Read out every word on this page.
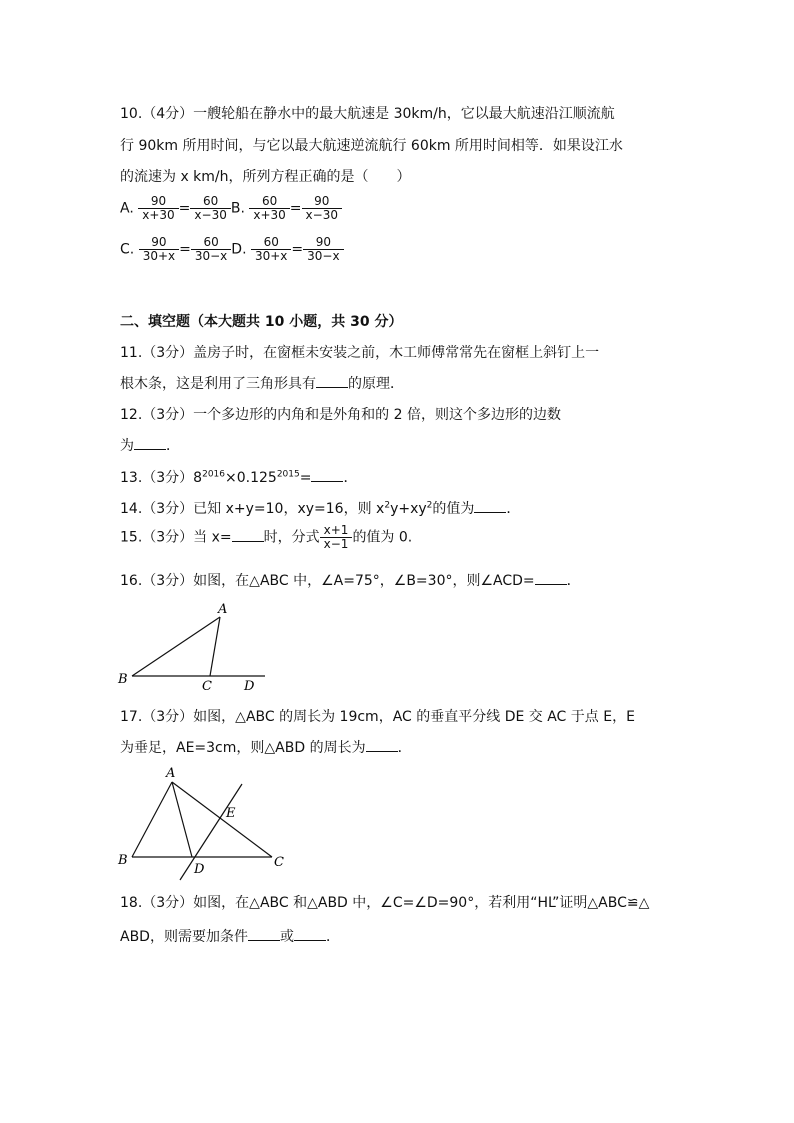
10.（4分）一艘轮船在静水中的最大航速是 30km/h，它以最大航速沿江顺流航
行 90km 所用时间，与它以最大航速逆流航行 60km 所用时间相等．如果设江水
的流速为 x km/h，所列方程正确的是（　　）
A. $\frac{90}{x+30} = \frac{60}{x-30} B$. $\frac{60}{x+30} = \frac{90}{x-30}$
C. $\frac{90}{30+x} = \frac{60}{30-x} D$. $\frac{60}{30+x} = \frac{90}{30-x}$
二、填空题（本大题共 10 小题，共 30 分）
11.（3分）盖房子时，在窗框未安装之前，木工师傅常常先在窗框上斜钉上一
根木条，这是利用了三角形具有 的原理．
12.（3分）一个多边形的内角和是外角和的 2 倍，则这个多边形的边数
为 ．
13.（3分）$8^{2016}\times 0.125^{2015}=$ ．
14.（3分）已知 x+y=10，xy=16，则 $x^2y+xy^2$的值为 ．
15.（3分）当 x= 时，分式 $\frac{x+1}{x-1}$ 的值为 0.
16.（3分）如图，在△ABC 中，∠A=75°，∠B=30°，则∠ACD= ．
A
B	C D
17.（3分）如图，△ABC 的周长为 19cm，AC 的垂直平分线 DE 交 AC 于点 E，E
为垂足，AE=3cm，则△ABD 的周长为 ．
A
B	C
D
E
18.（3分）如图，在△ABC 和△ABD 中，∠C=∠D=90°，若利用“HL”证明△ABC≌△
ABD，则需要加条件 或 ．
